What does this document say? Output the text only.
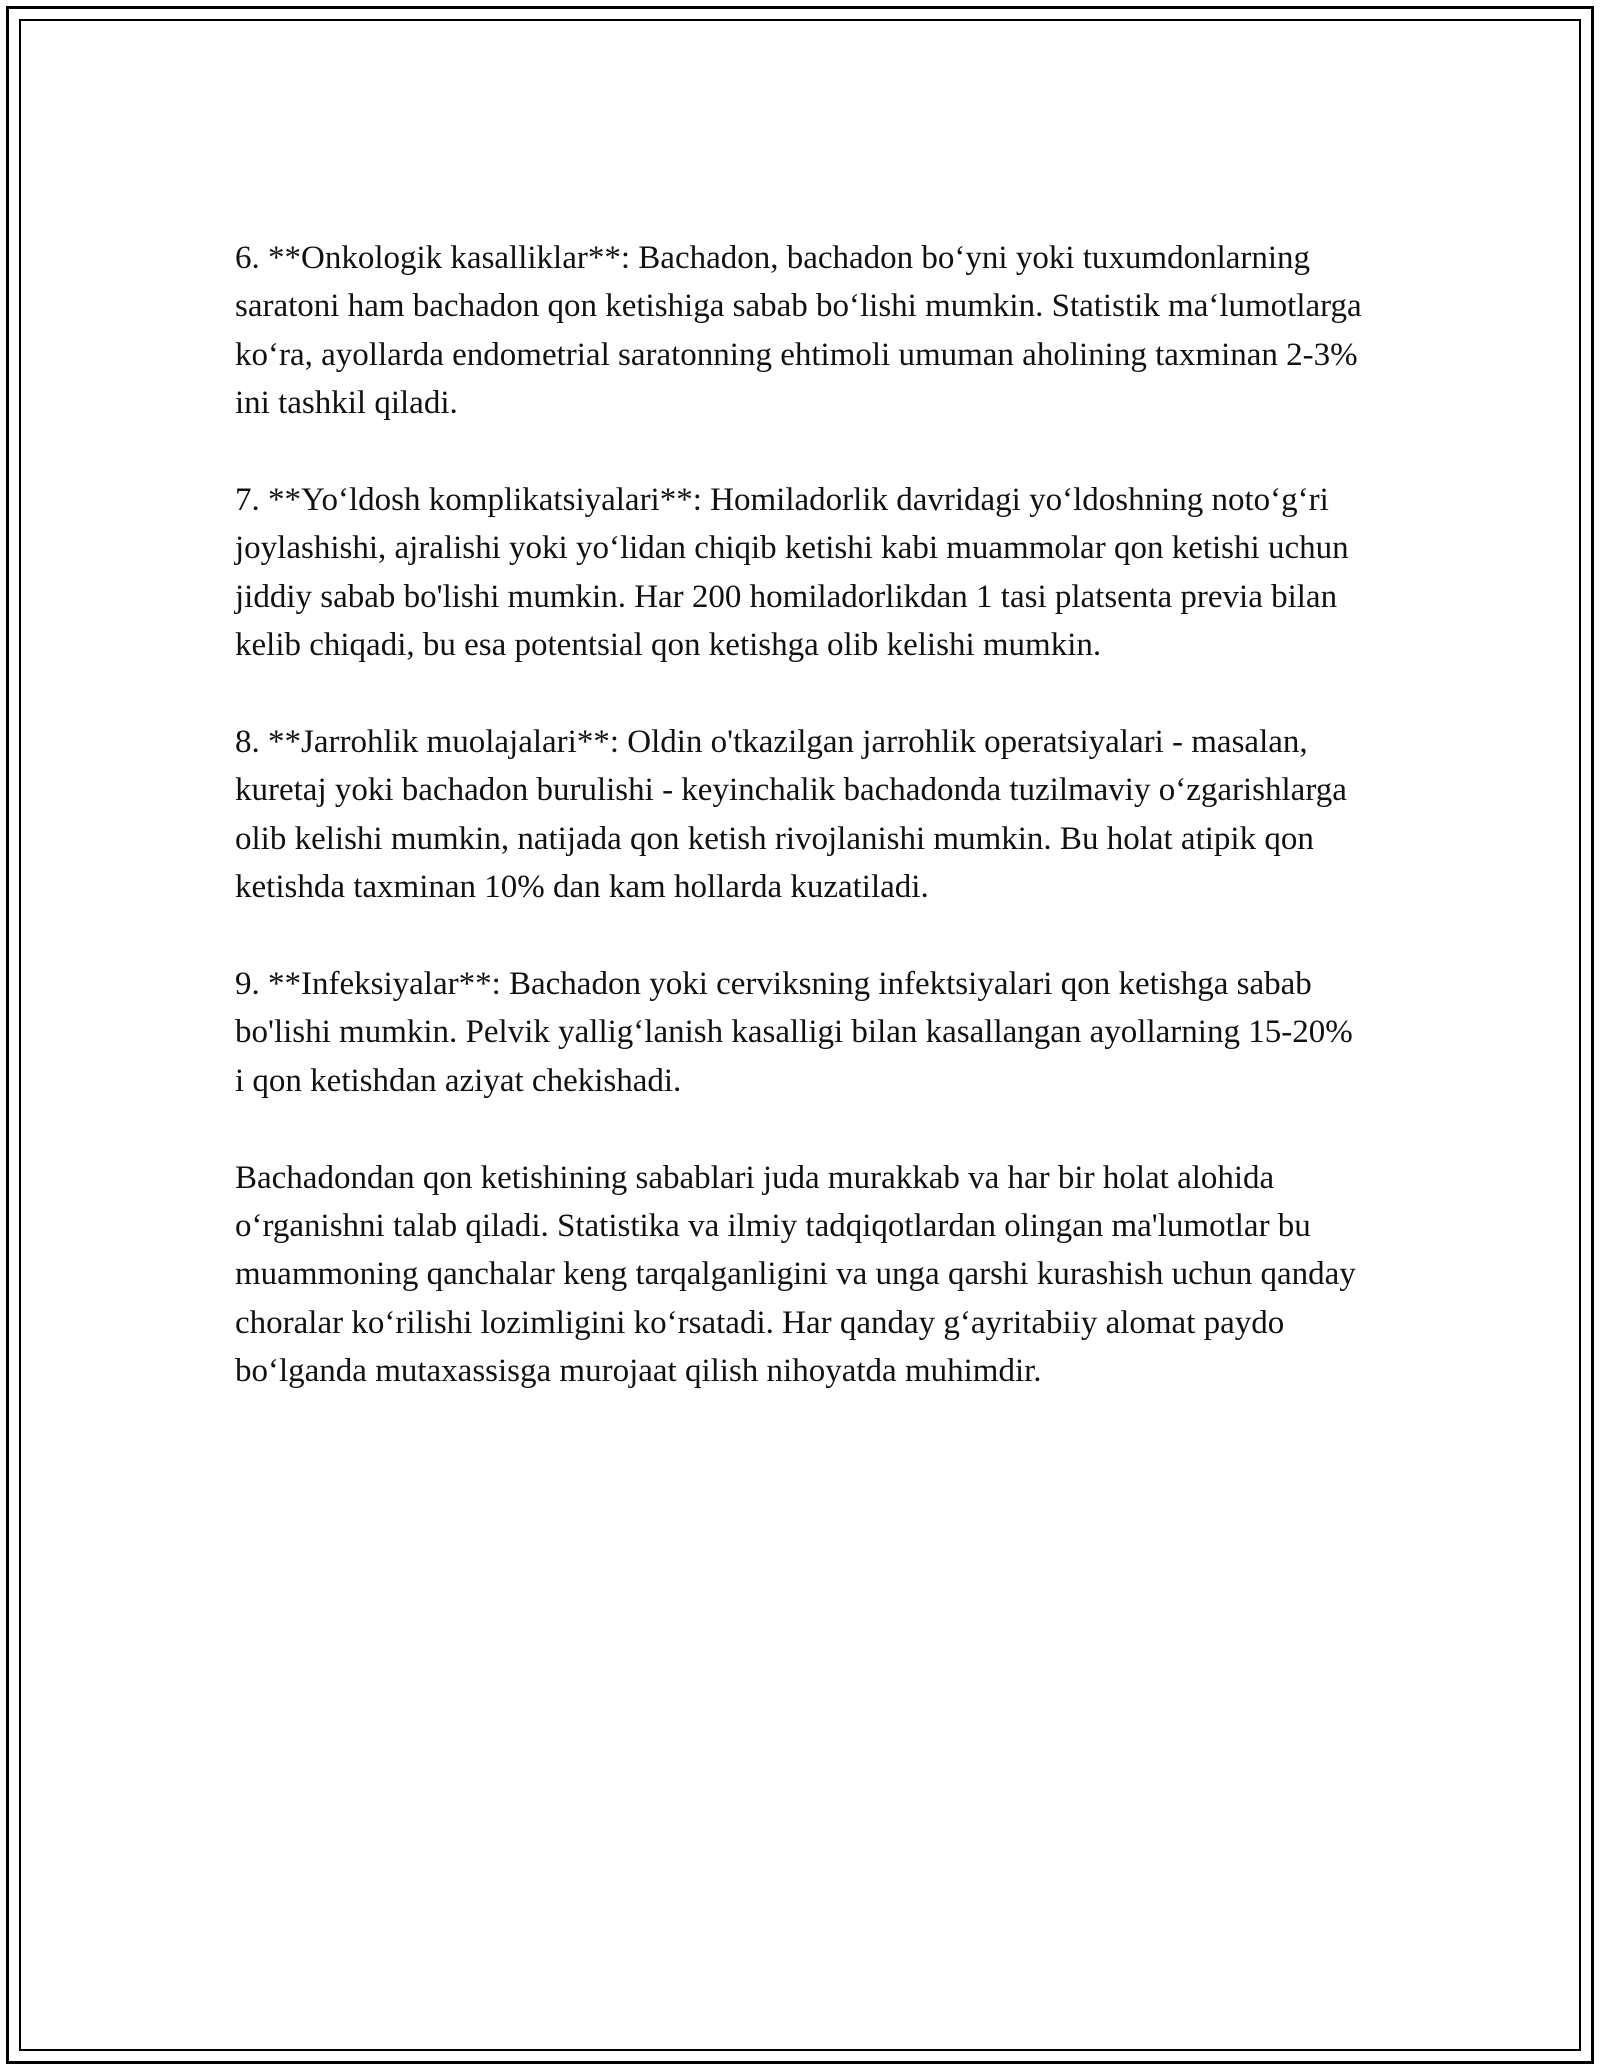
6. **Onkologik kasalliklar**: Bachadon, bachadon bo‘yni yoki tuxumdonlarning saratoni ham bachadon qon ketishiga sabab bo‘lishi mumkin. Statistik ma‘lumotlarga ko‘ra, ayollarda endometrial saratonning ehtimoli umuman aholining taxminan 2-3% ini tashkil qiladi.

7. **Yo‘ldosh komplikatsiyalari**: Homiladorlik davridagi yo‘ldoshning noto‘g‘ri joylashishi, ajralishi yoki yo‘lidan chiqib ketishi kabi muammolar qon ketishi uchun jiddiy sabab bo'lishi mumkin. Har 200 homiladorlikdan 1 tasi platsenta previa bilan kelib chiqadi, bu esa potentsial qon ketishga olib kelishi mumkin.

8. **Jarrohlik muolajalari**: Oldin o'tkazilgan jarrohlik operatsiyalari - masalan, kuretaj yoki bachadon burulishi - keyinchalik bachadonda tuzilmaviy o‘zgarishlarga olib kelishi mumkin, natijada qon ketish rivojlanishi mumkin. Bu holat atipik qon ketishda taxminan 10% dan kam hollarda kuzatiladi.

9. **Infeksiyalar**: Bachadon yoki cerviksning infektsiyalari qon ketishga sabab bo'lishi mumkin. Pelvik yallig‘lanish kasalligi bilan kasallangan ayollarning 15-20% i qon ketishdan aziyat chekishadi.

Bachadondan qon ketishining sabablari juda murakkab va har bir holat alohida o‘rganishni talab qiladi. Statistika va ilmiy tadqiqotlardan olingan ma'lumotlar bu muammoning qanchalar keng tarqalganligini va unga qarshi kurashish uchun qanday choralar ko‘rilishi lozimligini ko‘rsatadi. Har qanday g‘ayritabiiy alomat paydo bo‘lganda mutaxassisga murojaat qilish nihoyatda muhimdir.
